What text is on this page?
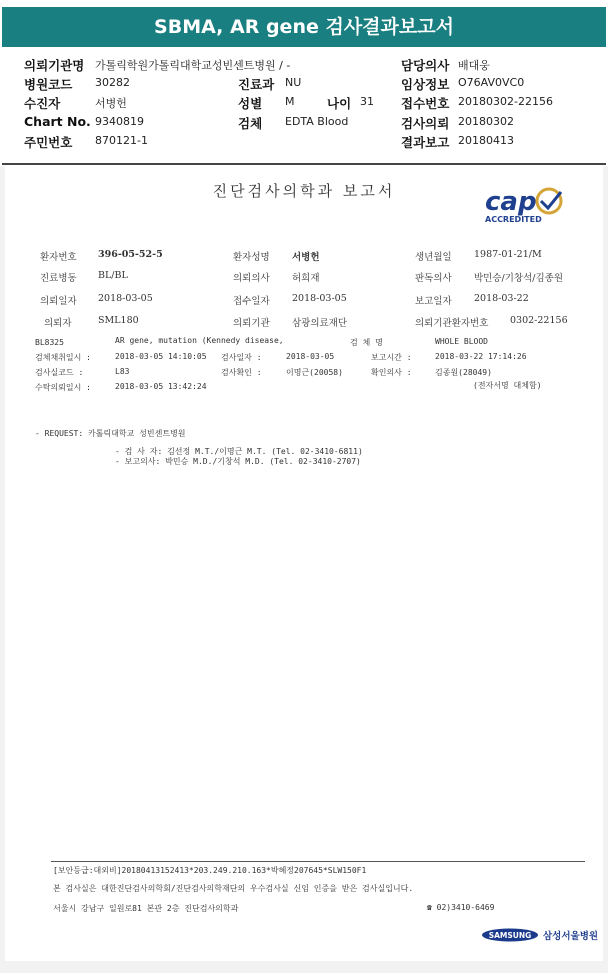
SBMA, AR gene 검사결과보고서
의뢰기관명 가톨릭학원가톨릭대학교성빈센트병원 / -	담당의사 배대웅
병원코드 30282	진료과 NU	임상정보 O76AV0VC0
수진자	서병헌	성별 M	나이 31 접수번호 20180302-22156
Chart No. 9340819	검체 EDTA Blood	검사의뢰 20180302
주민번호 870121-1	결과보고 20180413
진단검사의학과 보고서	cap
ACCREDITED
환자번호 396-05-52-5	환자성명 서병헌	생년월일 1987-01-21/M
진료병동 BL/BL	의뢰의사 허희재	판독의사 박민승/기창석/김종원
의뢰일자 2018-03-05	접수일자 2018-03-05	보고일자 2018-03-22
의뢰자	SML180	의뢰기관 삼광의료재단	의뢰기관환자번호 0302-22156
BL8325	AR gene, mutation (Kennedy disease,	검 체 명	WHOLE BLOOD
검체채취일시 :	2018-03-05 14:10:05 검사일자 :	2018-03-05	보고시간 :	2018-03-22 17:14:26
검사실코드 :	L83	검사확인 :	이명근(20058)	확인의사 :	김종원(28049)
수탁의뢰일시 :	2018-03-05 13:42:24	(전자서명 대체함)
- REQUEST: 카톨릭대학교 성빈센트병원
- 검 사 자: 김선정 M.T./이명근 M.T. (Tel. 02-3410-6811)
- 보고의사: 박민승 M.D./기창석 M.D. (Tel. 02-3410-2707)
[보안등급:대외비]20180413152413*203.249.210.163*박혜정207645*SLW150F1
본 검사실은 대한진단검사의학회/진단검사의학재단의 우수검사실 신임 인증을 받은 검사실입니다.
서울시 강남구 일원로81 본관 2층 진단검사의학과	☎ 02)3410-6469
SAMSUNG 삼성서울병원
